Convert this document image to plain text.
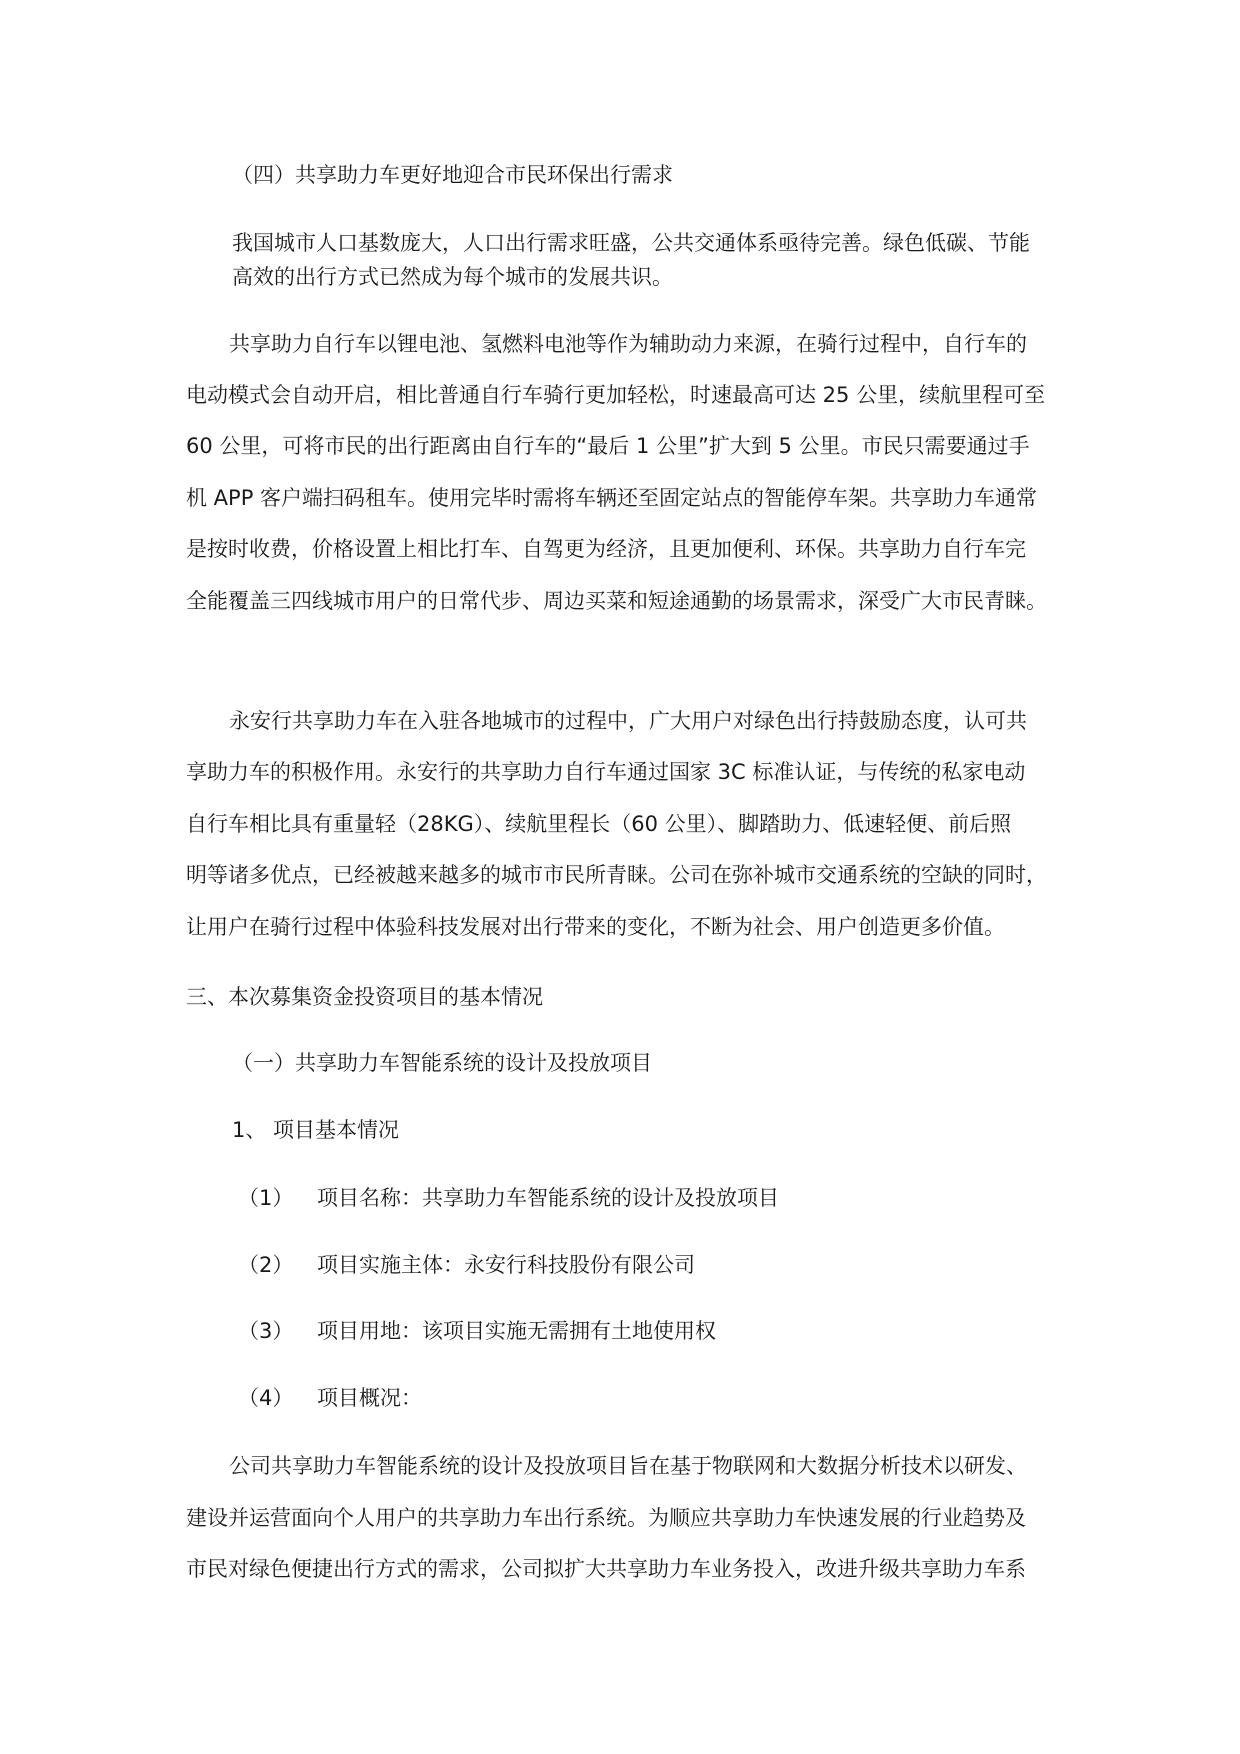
（四）共享助力车更好地迎合市民环保出行需求
我国城市人口基数庞大，人口出行需求旺盛，公共交通体系亟待完善。绿色低碳、节能
高效的出行方式已然成为每个城市的发展共识。
共享助力自行车以锂电池、氢燃料电池等作为辅助动力来源，在骑行过程中，自行车的
电动模式会自动开启，相比普通自行车骑行更加轻松，时速最高可达 25 公里，续航里程可至
60 公里，可将市民的出行距离由自行车的“最后 1 公里”扩大到 5 公里。市民只需要通过手
机 APP 客户端扫码租车。使用完毕时需将车辆还至固定站点的智能停车架。共享助力车通常
是按时收费，价格设置上相比打车、自驾更为经济，且更加便利、环保。共享助力自行车完
全能覆盖三四线城市用户的日常代步、周边买菜和短途通勤的场景需求，深受广大市民青睐。
永安行共享助力车在入驻各地城市的过程中，广大用户对绿色出行持鼓励态度，认可共
享助力车的积极作用。永安行的共享助力自行车通过国家 3C 标准认证，与传统的私家电动
自行车相比具有重量轻（28KG）、续航里程长（60 公里）、脚踏助力、低速轻便、前后照
明等诸多优点，已经被越来越多的城市市民所青睐。公司在弥补城市交通系统的空缺的同时，
让用户在骑行过程中体验科技发展对出行带来的变化，不断为社会、用户创造更多价值。
三、本次募集资金投资项目的基本情况
（一）共享助力车智能系统的设计及投放项目
1、 项目基本情况
（1） 项目名称：共享助力车智能系统的设计及投放项目
（2） 项目实施主体：永安行科技股份有限公司
（3） 项目用地：该项目实施无需拥有土地使用权
（4） 项目概况：
公司共享助力车智能系统的设计及投放项目旨在基于物联网和大数据分析技术以研发、
建设并运营面向个人用户的共享助力车出行系统。为顺应共享助力车快速发展的行业趋势及
市民对绿色便捷出行方式的需求，公司拟扩大共享助力车业务投入，改进升级共享助力车系
